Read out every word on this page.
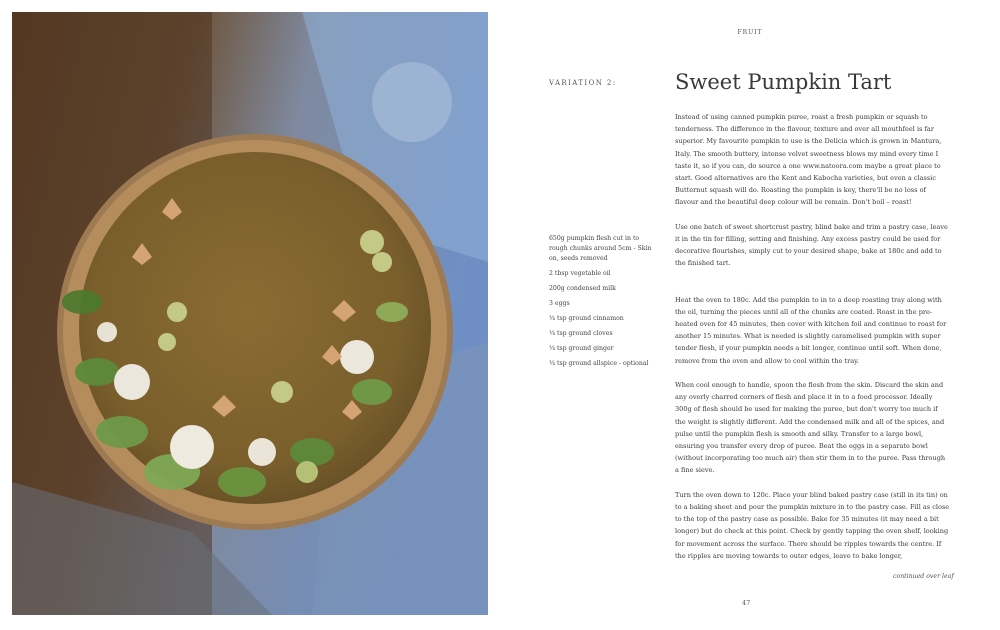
FRUIT
VARIATION 2:	Sweet Pumpkin Tart
650g pumpkin flesh cut in to rough chunks around 5cm - Skin on, seeds removed
2 tbsp vegetable oil
200g condensed milk
3 eggs
¼ tsp ground cinnamon
¼ tsp ground cloves
¼ tsp ground ginger
¼ tsp ground allspice - optional

Instead of using canned pumpkin puree, roast a fresh pumpkin or squash to tenderness. The difference in the flavour, texture and over all mouthfeel is far superior. My favourite pumpkin to use is the Delicia which is grown in Mantura, Italy. The smooth buttery, intense velvet sweetness blows my mind every time I taste it, so if you can, do source a one www.natoora.com maybe a great place to start. Good alternatives are the Kent and Kabocha varieties, but even a classic Butternut squash will do. Roasting the pumpkin is key, there'll be no loss of flavour and the beautiful deep colour will be remain. Don't boil – roast!

Use one batch of sweet shortcrust pastry, blind bake and trim a pastry case, leave it in the tin for filling, setting and finishing. Any excess pastry could be used for decorative flourishes, simply cut to your desired shape, bake at 180c and add to the finished tart.

Heat the oven to 180c. Add the pumpkin to in to a deep roasting tray along with the oil, turning the pieces until all of the chunks are coated. Roast in the pre-heated oven for 45 minutes, then cover with kitchen foil and continue to roast for another 15 minutes. What is needed is slightly caramelised pumpkin with super tender flesh, if your pumpkin needs a bit longer, continue until soft. When done, remove from the oven and allow to cool within the tray.

When cool enough to handle, spoon the flesh from the skin. Discard the skin and any overly charred corners of flesh and place it in to a food processor. Ideally 300g of flesh should be used for making the puree, but don't worry too much if the weight is slightly different. Add the condensed milk and all of the spices, and pulse until the pumpkin flesh is smooth and silky. Transfer to a large bowl, ensuring you transfer every drop of puree. Beat the eggs in a separate bowl (without incorporating too much air) then stir them in to the puree. Pass through a fine sieve.

Turn the oven down to 120c. Place your blind baked pastry case (still in its tin) on to a baking sheet and pour the pumpkin mixture in to the pastry case. Fill as close to the top of the pastry case as possible. Bake for 35 minutes (it may need a bit longer) but do check at this point. Check by gently tapping the oven shelf, looking for movement across the surface. There should be ripples towards the centre. If the ripples are moving towards to outer edges, leave to bake longer,

continued over leaf
47
